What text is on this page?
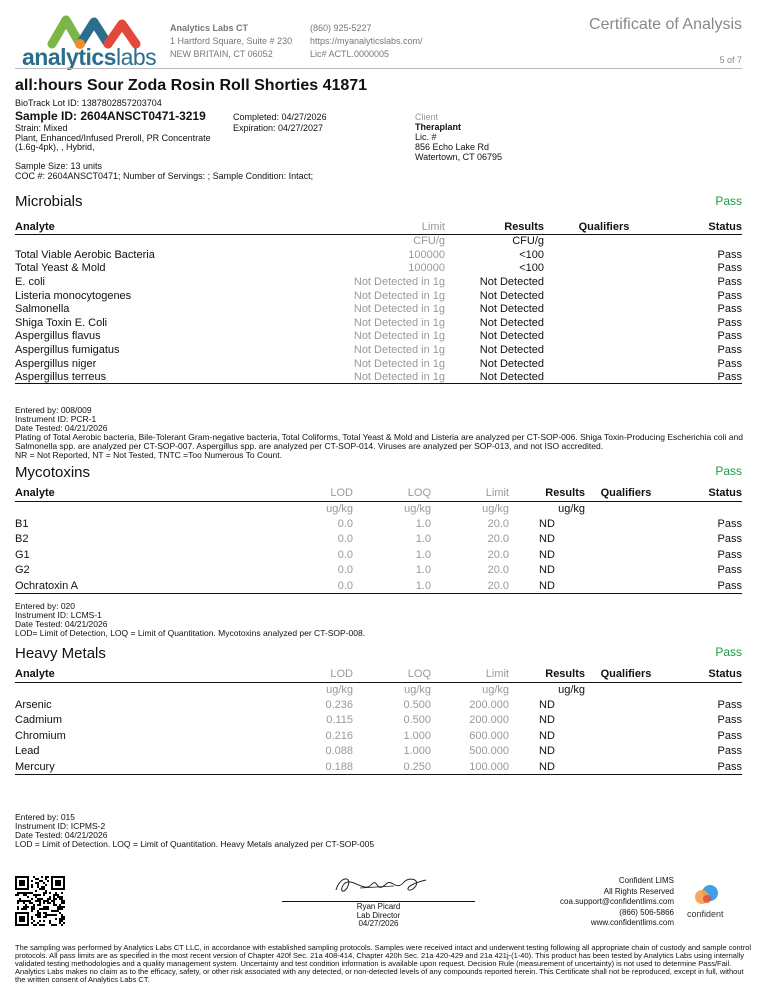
analyticslabs
Analytics Labs CT
1 Hartford Square, Suite # 230
NEW BRITAIN, CT 06052
(860) 925-5227
https://myanalyticslabs.com/
Lic# ACTL.0000005
Certificate of Analysis
5 of 7
all:hours Sour Zoda Rosin Roll Shorties 41871
BioTrack Lot ID: 1387802857203704
Sample ID: 2604ANSCT0471-3219
Strain: Mixed
Plant, Enhanced/Infused Preroll, PR Concentrate
(1.6g-4pk), , Hybrid,
Completed: 04/27/2026
Expiration: 04/27/2027
Client
Theraplant
Lic. #
856 Echo Lake Rd
Watertown, CT 06795
Sample Size: 13 units
COC #: 2604ANSCT0471; Number of Servings: ; Sample Condition: Intact;
Microbials	Pass
Analyte	Limit	Results	Qualifiers	Status
	CFU/g	CFU/g		
Total Viable Aerobic Bacteria	100000	<100		Pass
Total Yeast & Mold	100000	<100		Pass
E. coli	Not Detected in 1g	Not Detected		Pass
Listeria monocytogenes	Not Detected in 1g	Not Detected		Pass
Salmonella	Not Detected in 1g	Not Detected		Pass
Shiga Toxin E. Coli	Not Detected in 1g	Not Detected		Pass
Aspergillus flavus	Not Detected in 1g	Not Detected		Pass
Aspergillus fumigatus	Not Detected in 1g	Not Detected		Pass
Aspergillus niger	Not Detected in 1g	Not Detected		Pass
Aspergillus terreus	Not Detected in 1g	Not Detected		Pass
Entered by: 008/009
Instrument ID: PCR-1
Date Tested: 04/21/2026
Plating of Total Aerobic bacteria, Bile-Tolerant Gram-negative bacteria, Total Coliforms, Total Yeast & Mold and Listeria are analyzed per CT-SOP-006. Shiga Toxin-Producing Escherichia coli and Salmonella spp. are analyzed per CT-SOP-007. Aspergillus spp. are analyzed per CT-SOP-014. Viruses are analyzed per SOP-013, and not ISO accredited.
NR = Not Reported, NT = Not Tested, TNTC =Too Numerous To Count.
Mycotoxins	Pass
Analyte	LOD	LOQ	Limit	Results	Qualifiers	Status
	ug/kg	ug/kg	ug/kg	ug/kg		
B1	0.0	1.0	20.0	ND		Pass
B2	0.0	1.0	20.0	ND		Pass
G1	0.0	1.0	20.0	ND		Pass
G2	0.0	1.0	20.0	ND		Pass
Ochratoxin A	0.0	1.0	20.0	ND		Pass
Entered by: 020
Instrument ID: LCMS-1
Date Tested: 04/21/2026
LOD= Limit of Detection, LOQ = Limit of Quantitation. Mycotoxins analyzed per CT-SOP-008.
Heavy Metals	Pass
Analyte	LOD	LOQ	Limit	Results	Qualifiers	Status
	ug/kg	ug/kg	ug/kg	ug/kg		
Arsenic	0.236	0.500	200.000	ND		Pass
Cadmium	0.115	0.500	200.000	ND		Pass
Chromium	0.216	1.000	600.000	ND		Pass
Lead	0.088	1.000	500.000	ND		Pass
Mercury	0.188	0.250	100.000	ND		Pass
Entered by: 015
Instrument ID: ICPMS-2
Date Tested: 04/21/2026
LOD = Limit of Detection. LOQ = Limit of Quantitation. Heavy Metals analyzed per CT-SOP-005
Ryan Picard
Lab Director
04/27/2026
Confident LIMS
All Rights Reserved
coa.support@confidentlims.com
(866) 506-5866
www.confidentlims.com
confident
The sampling was performed by Analytics Labs CT LLC, in accordance with established sampling protocols. Samples were received intact and underwent testing following all appropriate chain of custody and sample control protocols. All pass limits are as specified in the most recent version of Chapter 420f Sec. 21a 408-414, Chapter 420h Sec. 21a 420-429 and 21a 421j-(1-40). This product has been tested by Analytics Labs using internally validated testing methodologies and a quality management system. Uncertainty and test condition information is available upon request. Decision Rule (measurement of uncertainty) is not used to determine Pass/Fail. Analytics Labs makes no claim as to the efficacy, safety, or other risk associated with any detected, or non-detected levels of any compounds reported herein. This Certificate shall not be reproduced, except in full, without the written consent of Analytics Labs CT.
